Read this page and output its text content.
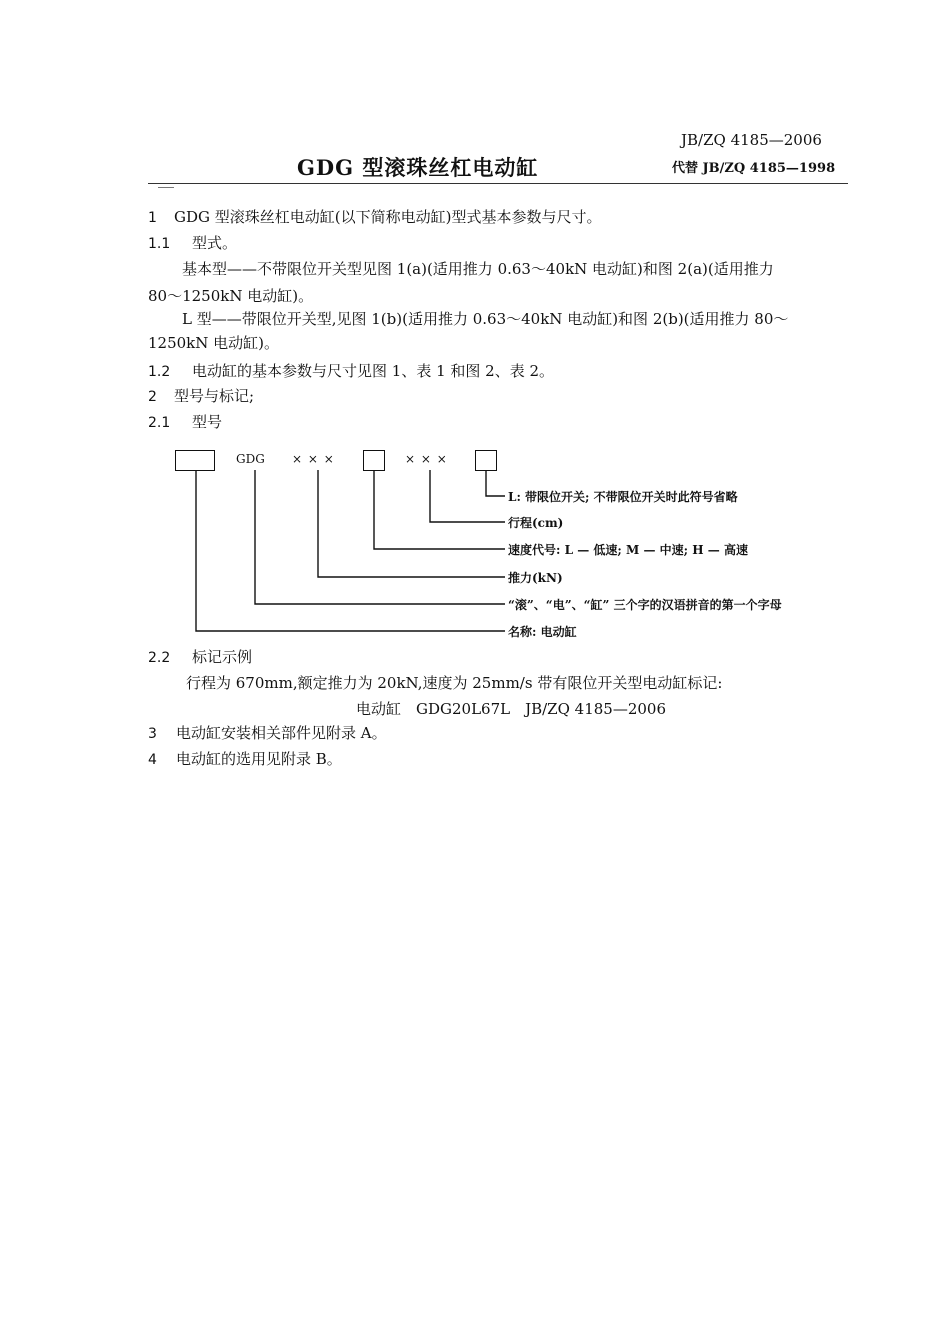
JB/ZQ 4185—2006
GDG 型滚珠丝杠电动缸	代替 JB/ZQ 4185—1998
1 GDG 型滚珠丝杠电动缸(以下简称电动缸)型式基本参数与尺寸。
1.1 型式。
基本型——不带限位开关型见图 1(a)(适用推力 0.63～40kN 电动缸)和图 2(a)(适用推力
80～1250kN 电动缸)。
L 型——带限位开关型,见图 1(b)(适用推力 0.63～40kN 电动缸)和图 2(b)(适用推力 80～
1250kN 电动缸)。
1.2 电动缸的基本参数与尺寸见图 1、表 1 和图 2、表 2。
2 型号与标记;
2.1 型号
GDG × × ×	× × ×
L: 带限位开关; 不带限位开关时此符号省略
行程(cm)
速度代号: L — 低速; M — 中速; H — 高速
推力(kN)
“滚”、“电”、“缸” 三个字的汉语拼音的第一个字母
名称: 电动缸
2.2 标记示例
行程为 670mm,额定推力为 20kN,速度为 25mm/s 带有限位开关型电动缸标记:
电动缸　GDG20L67L　JB/ZQ 4185—2006
3 电动缸安装相关部件见附录 A。
4 电动缸的选用见附录 B。
